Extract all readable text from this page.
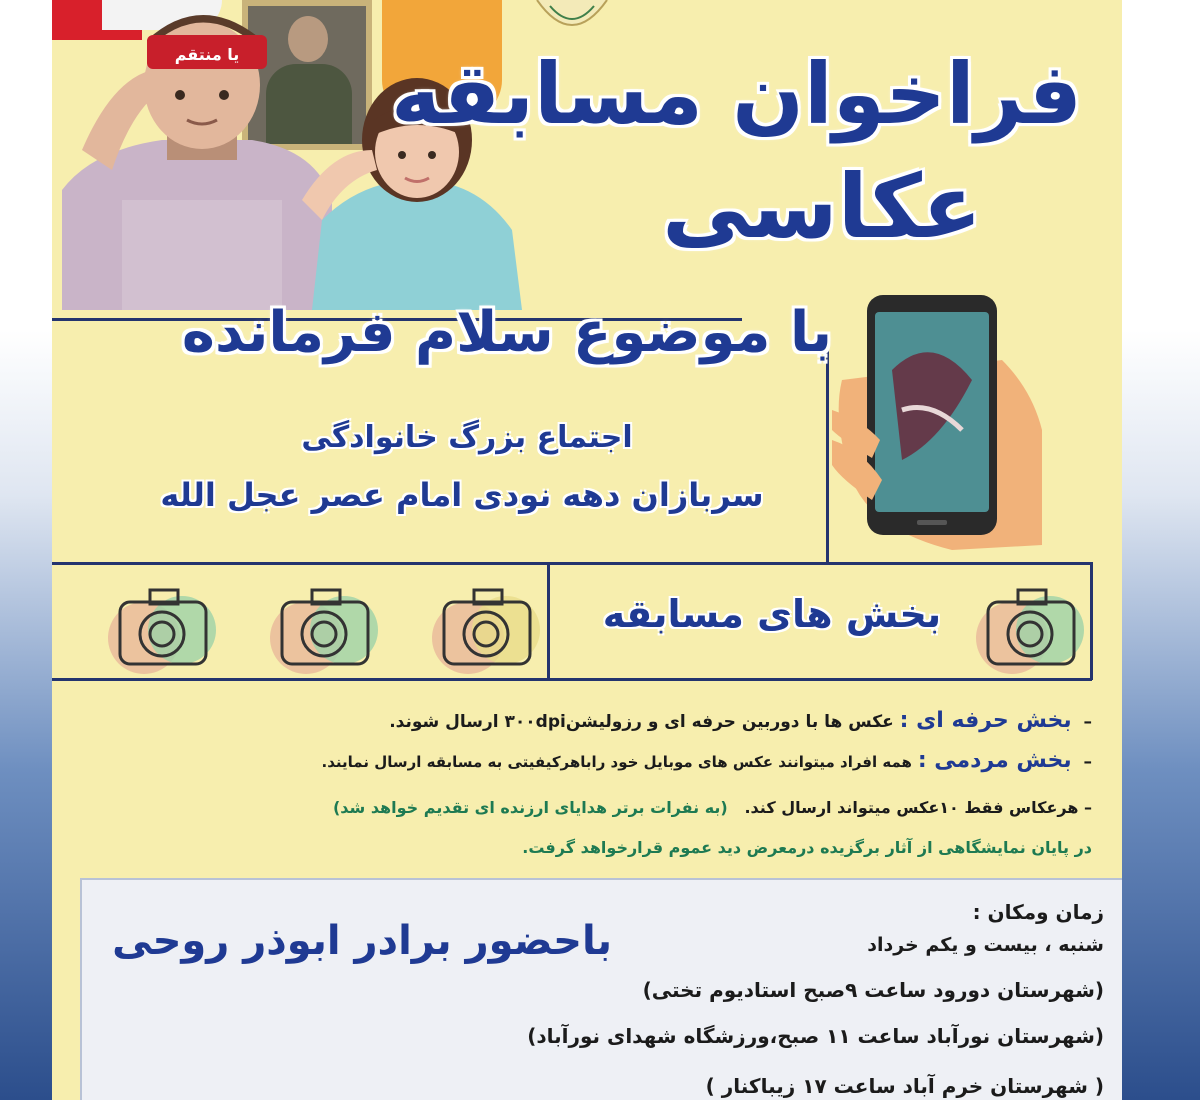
یا منتقم فراخوان مسابقه
عکاسی
با موضوع سلام فرمانده
اجتماع بزرگ خانوادگی
سربازان دهه نودی امام عصر عجل الله
بخش های مسابقه
–  بخش حرفه ای : عکس ها با دوربین حرفه ای و رزولیشن۳۰۰dpi ارسال شوند.
–  بخش مردمی : همه افراد میتوانند عکس های موبایل خود راباهرکیفیتی به مسابقه ارسال نمایند.
– هرعکاس فقط ۱۰عکس میتواند ارسال کند.   (به نفرات برتر هدایای ارزنده ای تقدیم خواهد شد)
در پایان نمایشگاهی از آثار برگزیده درمعرض دید عموم قرارخواهد گرفت.
زمان ومکان :
شنبه ، بیست و یکم خرداد
(شهرستان دورود ساعت ۹صبح استادیوم تختی)
(شهرستان نورآباد ساعت ۱۱ صبح،ورزشگاه شهدای نورآباد)
( شهرستان خرم آباد ساعت ۱۷ زیباکنار )
باحضور برادر ابوذر روحی
